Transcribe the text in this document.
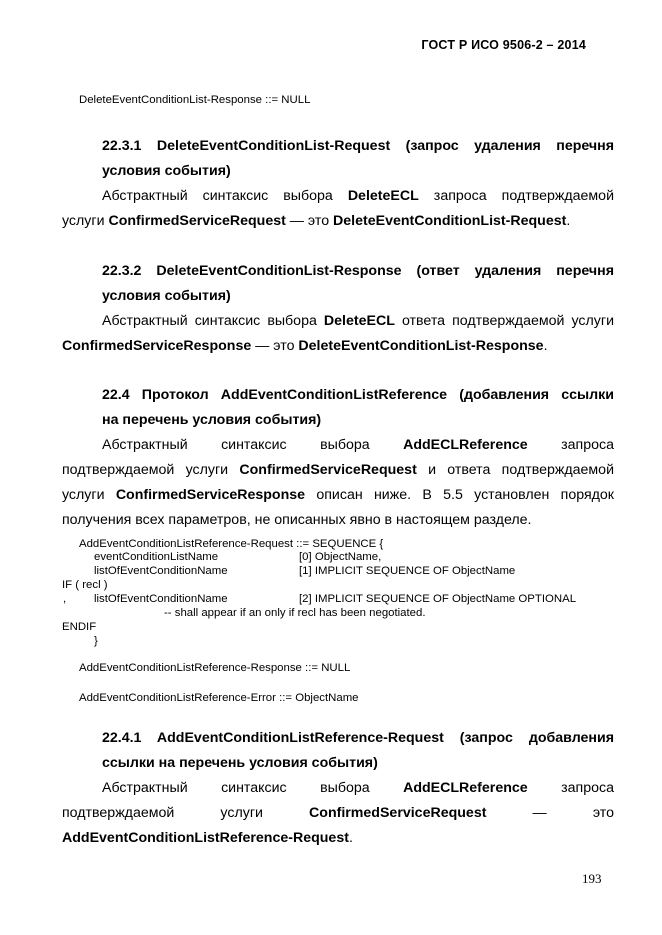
ГОСТ Р ИСО 9506-2 – 2014
DeleteEventConditionList-Response ::= NULL
22.3.1 DeleteEventConditionList-Request (запрос удаления перечня
условия события)
Абстрактный синтаксис выбора DeleteECL запроса подтверждаемой
услуги ConfirmedServiceRequest — это DeleteEventConditionList-Request.
22.3.2 DeleteEventConditionList-Response (ответ удаления перечня
условия события)
Абстрактный синтаксис выбора DeleteECL ответа подтверждаемой услуги
ConfirmedServiceResponse — это DeleteEventConditionList-Response.
22.4 Протокол AddEventConditionListReference (добавления ссылки
на перечень условия события)
Абстрактный синтаксис выбора AddECLReference запроса
подтверждаемой услуги ConfirmedServiceRequest и ответа подтверждаемой
услуги ConfirmedServiceResponse описан ниже. В 5.5 установлен порядок
получения всех параметров, не описанных явно в настоящем разделе.
AddEventConditionListReference-Request ::= SEQUENCE {
eventConditionListName	[0] ObjectName,
listOfEventConditionName	[1] IMPLICIT SEQUENCE OF ObjectName
IF ( recl )
, listOfEventConditionName	[2] IMPLICIT SEQUENCE OF ObjectName OPTIONAL
-- shall appear if an only if recl has been negotiated.
ENDIF
}
AddEventConditionListReference-Response ::= NULL
AddEventConditionListReference-Error ::= ObjectName
22.4.1 AddEventConditionListReference-Request (запрос добавления
ссылки на перечень условия события)
Абстрактный синтаксис выбора AddECLReference запроса
подтверждаемой	услуги	ConfirmedServiceRequest	—	это
AddEventConditionListReference-Request.
193
